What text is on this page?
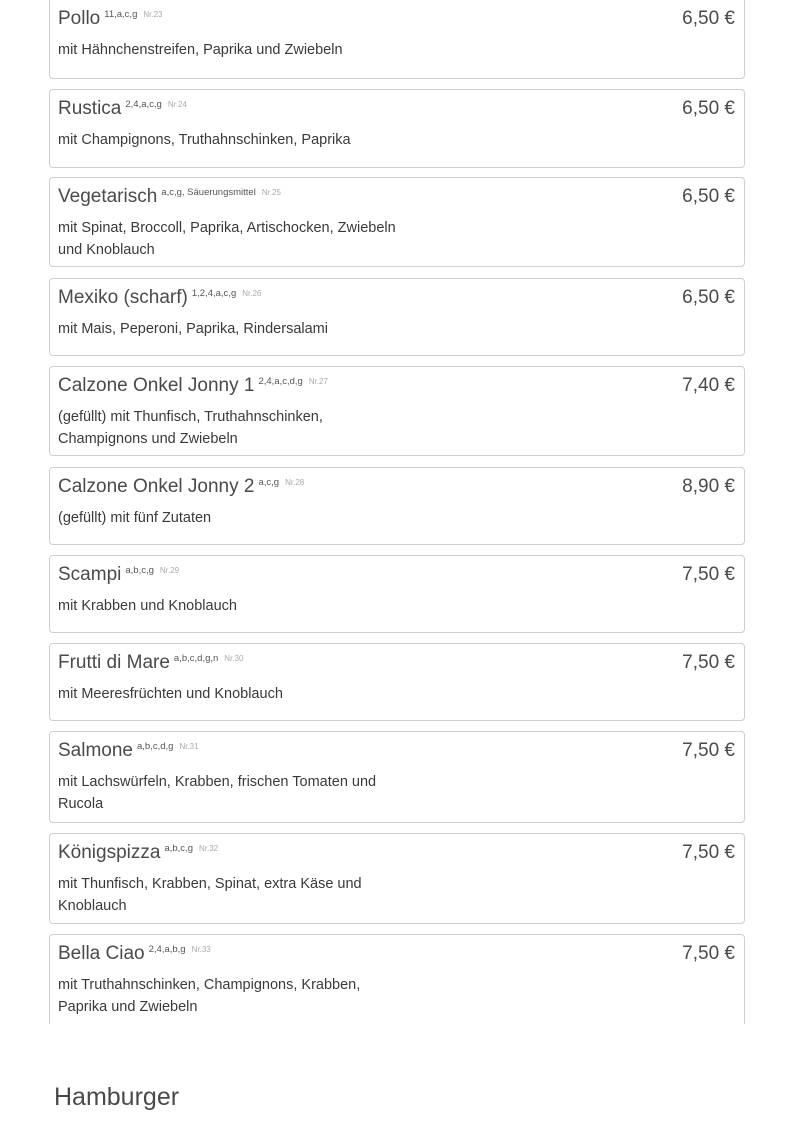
Pollo $^{11,a,c,g}$ $^{Nr.23}$	6,50 €
mit Hähnchenstreifen, Paprika und Zwiebeln
Rustica $^{2,4,a,c,g}$ $^{Nr.24}$	6,50 €
mit Champignons, Truthahnschinken, Paprika
Vegetarisch $^{a,c,g, Säuerungsmittel}$ $^{Nr.25}$	6,50 €
mit Spinat, Broccoll, Paprika, Artischocken, Zwiebeln und Knoblauch
Mexiko (scharf) $^{1,2,4,a,c,g}$ $^{Nr.26}$	6,50 €
mit Mais, Peperoni, Paprika, Rindersalami
Calzone Onkel Jonny 1 $^{2,4,a,c,d,g}$ $^{Nr.27}$	7,40 €
(gefüllt) mit Thunfisch, Truthahnschinken, Champignons und Zwiebeln
Calzone Onkel Jonny 2 $^{a,c,g}$ $^{Nr.28}$	8,90 €
(gefüllt) mit fünf Zutaten
Scampi $^{a,b,c,g}$ $^{Nr.29}$	7,50 €
mit Krabben und Knoblauch
Frutti di Mare $^{a,b,c,d,g,n}$ $^{Nr.30}$	7,50 €
mit Meeresfrüchten und Knoblauch
Salmone $^{a,b,c,d,g}$ $^{Nr.31}$	7,50 €
mit Lachswürfeln, Krabben, frischen Tomaten und Rucola
Königspizza $^{a,b,c,g}$ $^{Nr.32}$	7,50 €
mit Thunfisch, Krabben, Spinat, extra Käse und Knoblauch
Bella Ciao $^{2,4,a,b,g}$ $^{Nr.33}$	7,50 €
mit Truthahnschinken, Champignons, Krabben, Paprika und Zwiebeln
Hamburger
